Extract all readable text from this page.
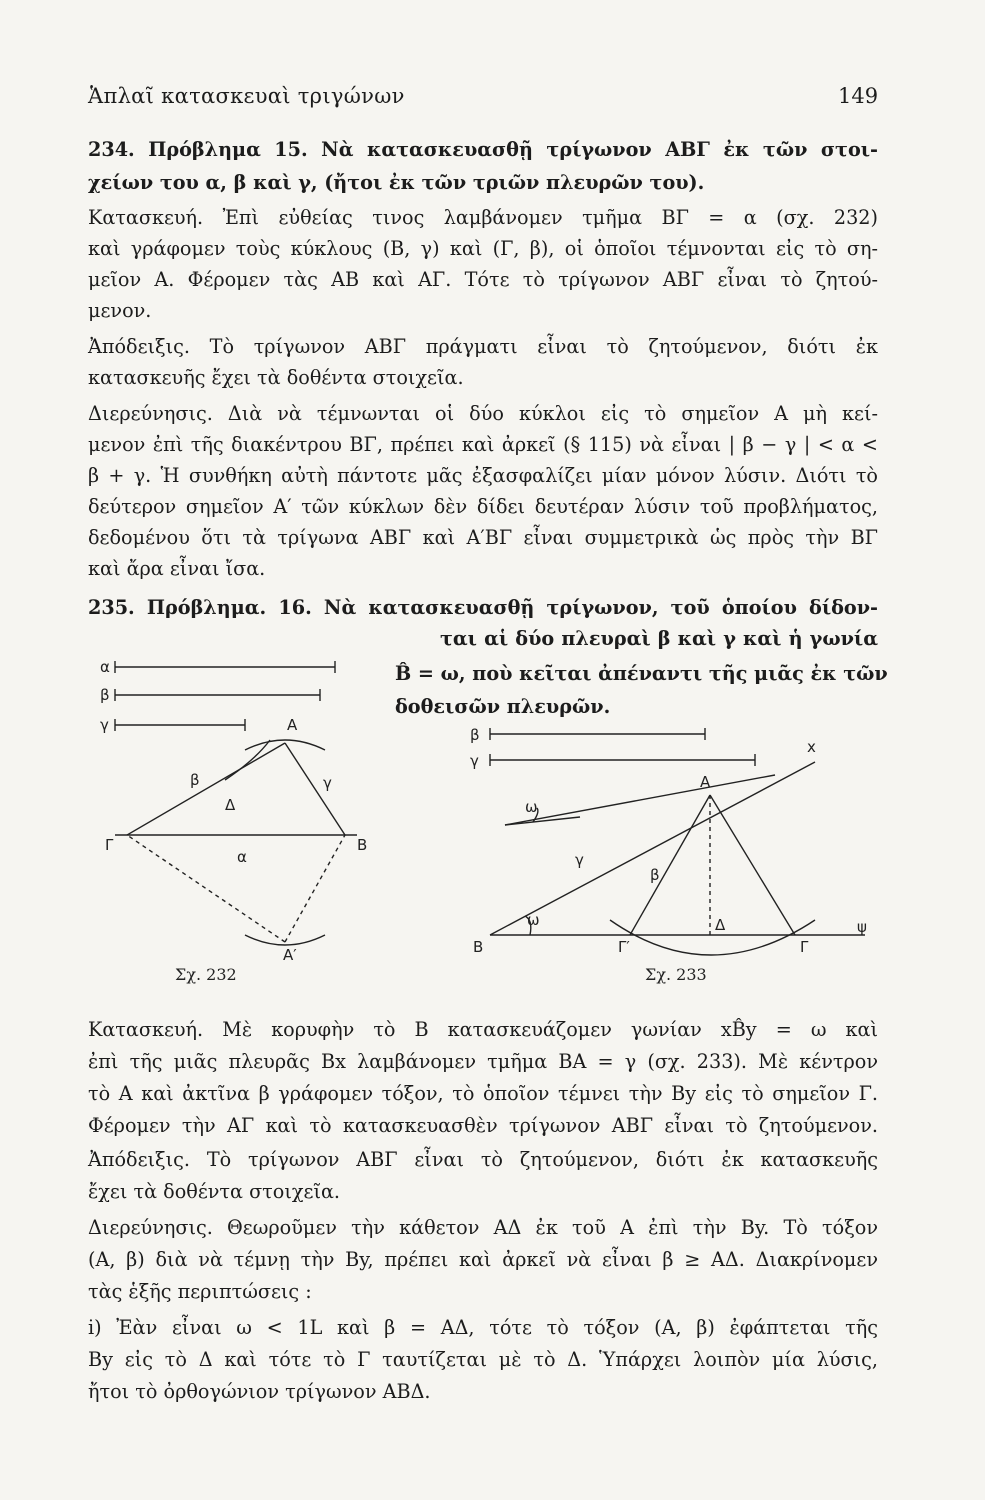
Ἁπλαῖ κατασκευαὶ τριγώνων	149
234. Πρόβλημα 15. Νὰ κατασκευασθῇ τρίγωνον ΑΒΓ ἐκ τῶν στοι-
χείων του α, β καὶ γ, (ἤτοι ἐκ τῶν τριῶν πλευρῶν του).
Κατασκευή. Ἐπὶ εὐθείας τινος λαμβάνομεν τμῆμα ΒΓ = α (σχ. 232)
καὶ γράφομεν τοὺς κύκλους (Β, γ) καὶ (Γ, β), οἱ ὁποῖοι τέμνονται εἰς τὸ ση-
μεῖον Α. Φέρομεν τὰς ΑΒ καὶ ΑΓ. Τότε τὸ τρίγωνον ΑΒΓ εἶναι τὸ ζητού-
μενον.
Ἀπόδειξις. Τὸ τρίγωνον ΑΒΓ πράγματι εἶναι τὸ ζητούμενον, διότι ἐκ
κατασκευῆς ἔχει τὰ δοθέντα στοιχεῖα.
Διερεύνησις. Διὰ νὰ τέμνωνται οἱ δύο κύκλοι εἰς τὸ σημεῖον Α μὴ κεί-
μενον ἐπὶ τῆς διακέντρου ΒΓ, πρέπει καὶ ἀρκεῖ (§ 115) νὰ εἶναι | β − γ | < α <
β + γ. Ἡ συνθήκη αὐτὴ πάντοτε μᾶς ἐξασφαλίζει μίαν μόνον λύσιν. Διότι τὸ
δεύτερον σημεῖον Α′ τῶν κύκλων δὲν δίδει δευτέραν λύσιν τοῦ προβλήματος,
δεδομένου ὅτι τὰ τρίγωνα ΑΒΓ καὶ Α′ΒΓ εἶναι συμμετρικὰ ὡς πρὸς τὴν ΒΓ
καὶ ἄρα εἶναι ἴσα.
235. Πρόβλημα. 16. Νὰ κατασκευασθῇ τρίγωνον, τοῦ ὁποίου δίδον-
ται αἱ δύο πλευραὶ β καὶ γ καὶ ἡ γωνία
B̂ = ω, ποὺ κεῖται ἀπέναντι τῆς μιᾶς ἐκ τῶν
δοθεισῶν πλευρῶν.
α
β
γ	Α
Γ	Β
Δ
α
β	γ
Α′
Σχ. 232
β
γ
ω
x
ψ
Α
Β	Γ′	Γ
Δ
β
γ
ω
Σχ. 233
Κατασκευή. Μὲ κορυφὴν τὸ Β κατασκευάζομεν γωνίαν xB̂y = ω καὶ
ἐπὶ τῆς μιᾶς πλευρᾶς Βx λαμβάνομεν τμῆμα ΒΑ = γ (σχ. 233). Μὲ κέντρον
τὸ Α καὶ ἀκτῖνα β γράφομεν τόξον, τὸ ὁποῖον τέμνει τὴν Βy εἰς τὸ σημεῖον Γ.
Φέρομεν τὴν ΑΓ καὶ τὸ κατασκευασθὲν τρίγωνον ΑΒΓ εἶναι τὸ ζητούμενον.
Ἀπόδειξις. Τὸ τρίγωνον ΑΒΓ εἶναι τὸ ζητούμενον, διότι ἐκ κατασκευῆς
ἔχει τὰ δοθέντα στοιχεῖα.
Διερεύνησις. Θεωροῦμεν τὴν κάθετον ΑΔ ἐκ τοῦ Α ἐπὶ τὴν Βy. Τὸ τόξον
(Α, β) διὰ νὰ τέμνῃ τὴν Βy, πρέπει καὶ ἀρκεῖ νὰ εἶναι β ≥ ΑΔ. Διακρίνομεν
τὰς ἑξῆς περιπτώσεις :
i) Ἐὰν εἶναι ω < 1L καὶ β = ΑΔ, τότε τὸ τόξον (Α, β) ἐφάπτεται τῆς
Βy εἰς τὸ Δ καὶ τότε τὸ Γ ταυτίζεται μὲ τὸ Δ. Ὑπάρχει λοιπὸν μία λύσις,
ἤτοι τὸ ὀρθογώνιον τρίγωνον ΑΒΔ.
